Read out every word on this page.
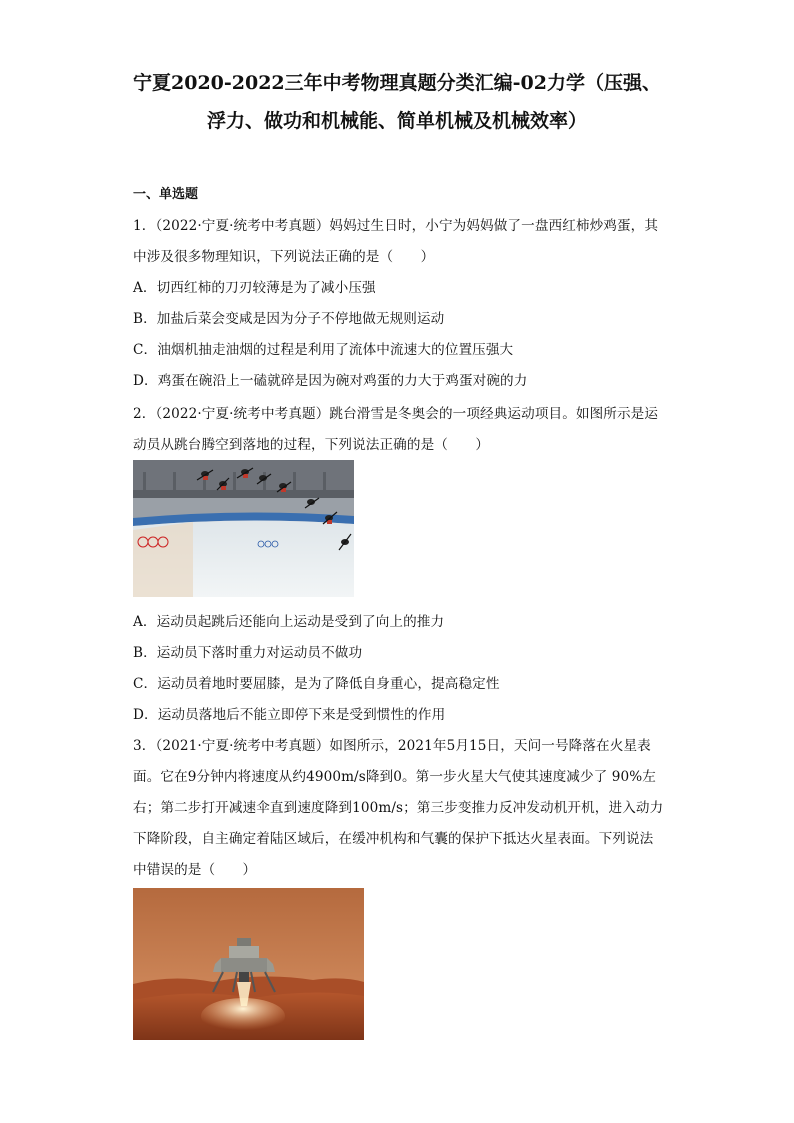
宁夏2020-2022三年中考物理真题分类汇编-02力学（压强、
浮力、做功和机械能、简单机械及机械效率）
一、单选题
1．（2022·宁夏·统考中考真题）妈妈过生日时，小宁为妈妈做了一盘西红柿炒鸡蛋，其
中涉及很多物理知识，下列说法正确的是（　　）
A．切西红柿的刀刃较薄是为了减小压强
B．加盐后菜会变咸是因为分子不停地做无规则运动
C．油烟机抽走油烟的过程是利用了流体中流速大的位置压强大
D．鸡蛋在碗沿上一磕就碎是因为碗对鸡蛋的力大于鸡蛋对碗的力
2．（2022·宁夏·统考中考真题）跳台滑雪是冬奥会的一项经典运动项目。如图所示是运
动员从跳台腾空到落地的过程，下列说法正确的是（　　）
A．运动员起跳后还能向上运动是受到了向上的推力
B．运动员下落时重力对运动员不做功
C．运动员着地时要屈膝，是为了降低自身重心，提高稳定性
D．运动员落地后不能立即停下来是受到惯性的作用
3．（2021·宁夏·统考中考真题）如图所示，2021年5月15日，天问一号降落在火星表
面。它在9分钟内将速度从约4900m/s降到0。第一步火星大气使其速度减少了 90%左
右；第二步打开减速伞直到速度降到100m/s；第三步变推力反冲发动机开机，进入动力
下降阶段，自主确定着陆区域后，在缓冲机构和气囊的保护下抵达火星表面。下列说法
中错误的是（　　）
